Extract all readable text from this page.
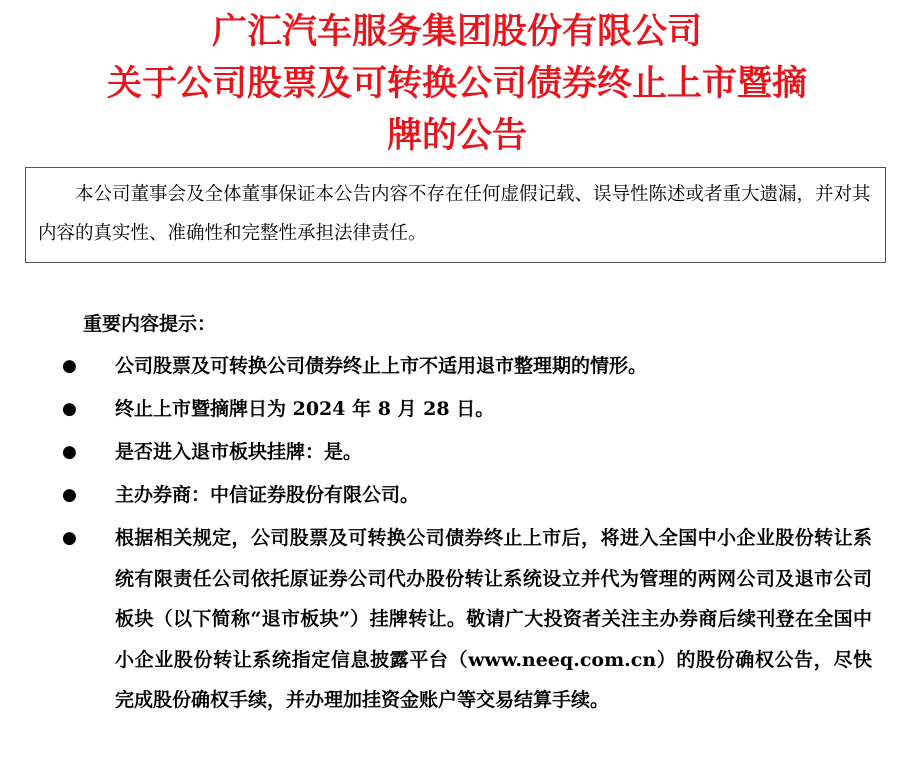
广汇汽车服务集团股份有限公司
关于公司股票及可转换公司债券终止上市暨摘
牌的公告

本公司董事会及全体董事保证本公告内容不存在任何虚假记载、误导性陈述或者重大遗漏，并对其内容的真实性、准确性和完整性承担法律责任。

重要内容提示：

●	公司股票及可转换公司债券终止上市不适用退市整理期的情形。
●	终止上市暨摘牌日为 2024 年 8 月 28 日。
●	是否进入退市板块挂牌：是。
●	主办券商：中信证券股份有限公司。
●	根据相关规定，公司股票及可转换公司债券终止上市后，将进入全国中小企业股份转让系统有限责任公司依托原证券公司代办股份转让系统设立并代为管理的两网公司及退市公司板块（以下简称“退市板块”）挂牌转让。敬请广大投资者关注主办券商后续刊登在全国中小企业股份转让系统指定信息披露平台（www.neeq.com.cn）的股份确权公告，尽快完成股份确权手续，并办理加挂资金账户等交易结算手续。
